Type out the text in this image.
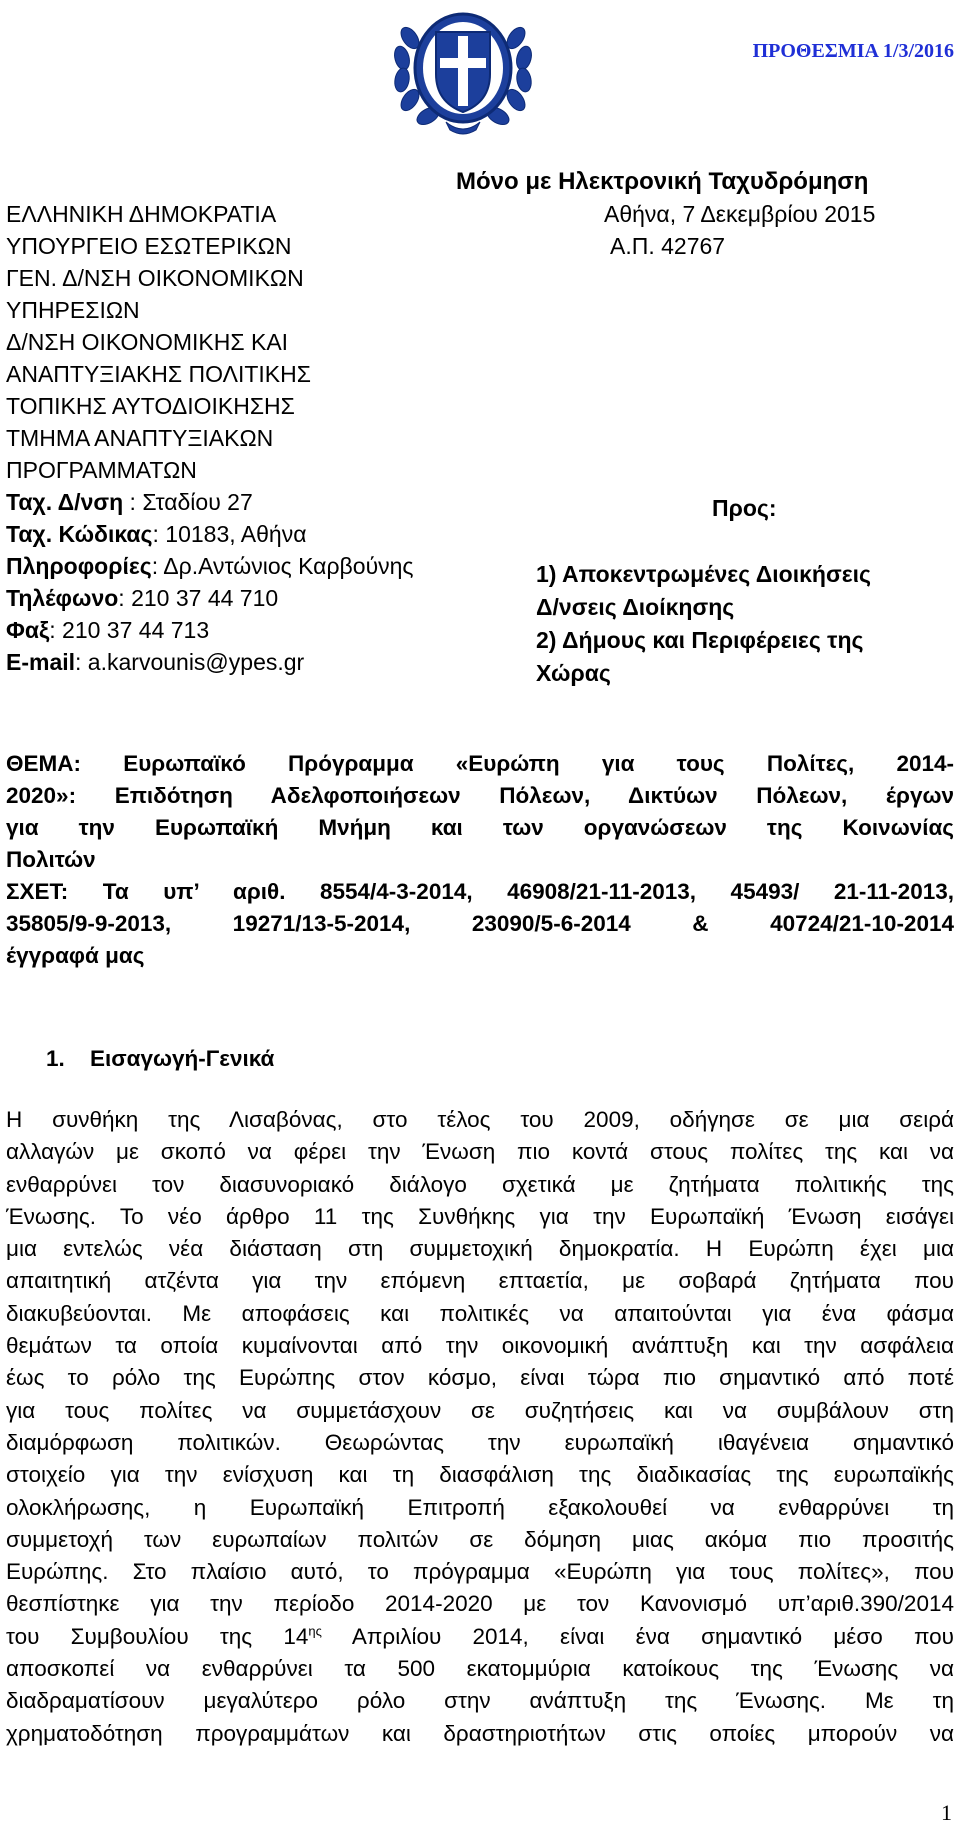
ΠΡΟΘΕΣΜΙΑ 1/3/2016
ΕΛΛΗΝΙΚΗ ΔΗΜΟΚΡΑΤΙΑ
ΥΠΟΥΡΓΕΙΟ ΕΣΩΤΕΡΙΚΩΝ
ΓΕΝ. Δ/ΝΣΗ ΟΙΚΟΝΟΜΙΚΩΝ
ΥΠΗΡΕΣΙΩΝ
Δ/ΝΣΗ ΟΙΚΟΝΟΜΙΚΗΣ ΚΑΙ
ΑΝΑΠΤΥΞΙΑΚΗΣ ΠΟΛΙΤΙΚΗΣ
ΤΟΠΙΚΗΣ ΑΥΤΟΔΙΟΙΚΗΣΗΣ
ΤΜΗΜΑ ΑΝΑΠΤΥΞΙΑΚΩΝ
ΠΡΟΓΡΑΜΜΑΤΩΝ
Ταχ. Δ/νση : Σταδίου 27
Ταχ. Κώδικας: 10183, Αθήνα
Πληροφορίες: Δρ.Αντώνιος Καρβούνης
Τηλέφωνο: 210 37 44 710
Φαξ: 210 37 44 713
E-mail: a.karvounis@ypes.gr
Μόνο με Ηλεκτρονική Ταχυδρόμηση
Αθήνα, 7 Δεκεμβρίου 2015
Α.Π. 42767
Προς:
1) Αποκεντρωμένες Διοικήσεις
Δ/νσεις Διοίκησης
2) Δήμους και Περιφέρειες της
Χώρας
ΘΕΜΑ: Ευρωπαϊκό Πρόγραμμα «Ευρώπη για τους Πολίτες, 2014-
2020»: Επιδότηση Αδελφοποιήσεων Πόλεων, Δικτύων Πόλεων, έργων
για την Ευρωπαϊκή Μνήμη και των οργανώσεων της Κοινωνίας
Πολιτών
ΣΧΕΤ: Τα υπ’ αριθ. 8554/4-3-2014, 46908/21-11-2013, 45493/ 21-11-2013,
35805/9-9-2013, 19271/13-5-2014, 23090/5-6-2014 & 40724/21-10-2014
έγγραφά μας
1. Εισαγωγή-Γενικά
Η συνθήκη της Λισαβόνας, στο τέλος του 2009, οδήγησε σε μια σειρά
αλλαγών με σκοπό να φέρει την Ένωση πιο κοντά στους πολίτες της και να
ενθαρρύνει τον διασυνοριακό διάλογο σχετικά με ζητήματα πολιτικής της
Ένωσης. Το νέο άρθρο 11 της Συνθήκης για την Ευρωπαϊκή Ένωση εισάγει
μια εντελώς νέα διάσταση στη συμμετοχική δημοκρατία. Η Ευρώπη έχει μια
απαιτητική ατζέντα για την επόμενη επταετία, με σοβαρά ζητήματα που
διακυβεύονται. Με αποφάσεις και πολιτικές να απαιτούνται για ένα φάσμα
θεμάτων τα οποία κυμαίνονται από την οικονομική ανάπτυξη και την ασφάλεια
έως το ρόλο της Ευρώπης στον κόσμο, είναι τώρα πιο σημαντικό από ποτέ
για τους πολίτες να συμμετάσχουν σε συζητήσεις και να συμβάλουν στη
διαμόρφωση πολιτικών. Θεωρώντας την ευρωπαϊκή ιθαγένεια σημαντικό
στοιχείο για την ενίσχυση και τη διασφάλιση της διαδικασίας της ευρωπαϊκής
ολοκλήρωσης, η Ευρωπαϊκή Επιτροπή εξακολουθεί να ενθαρρύνει τη
συμμετοχή των ευρωπαίων πολιτών σε δόμηση μιας ακόμα πιο προσιτής
Ευρώπης. Στο πλαίσιο αυτό, το πρόγραμμα «Ευρώπη για τους πολίτες», που
θεσπίστηκε για την περίοδο 2014-2020 με τον Κανονισμό υπ’αριθ.390/2014
του Συμβουλίου της $14^{\eta\varsigma}$ Απριλίου 2014, είναι ένα σημαντικό μέσο που
αποσκοπεί να ενθαρρύνει τα 500 εκατομμύρια κατοίκους της Ένωσης να
διαδραματίσουν μεγαλύτερο ρόλο στην ανάπτυξη της Ένωσης. Με τη
χρηματοδότηση προγραμμάτων και δραστηριοτήτων στις οποίες μπορούν να
1
